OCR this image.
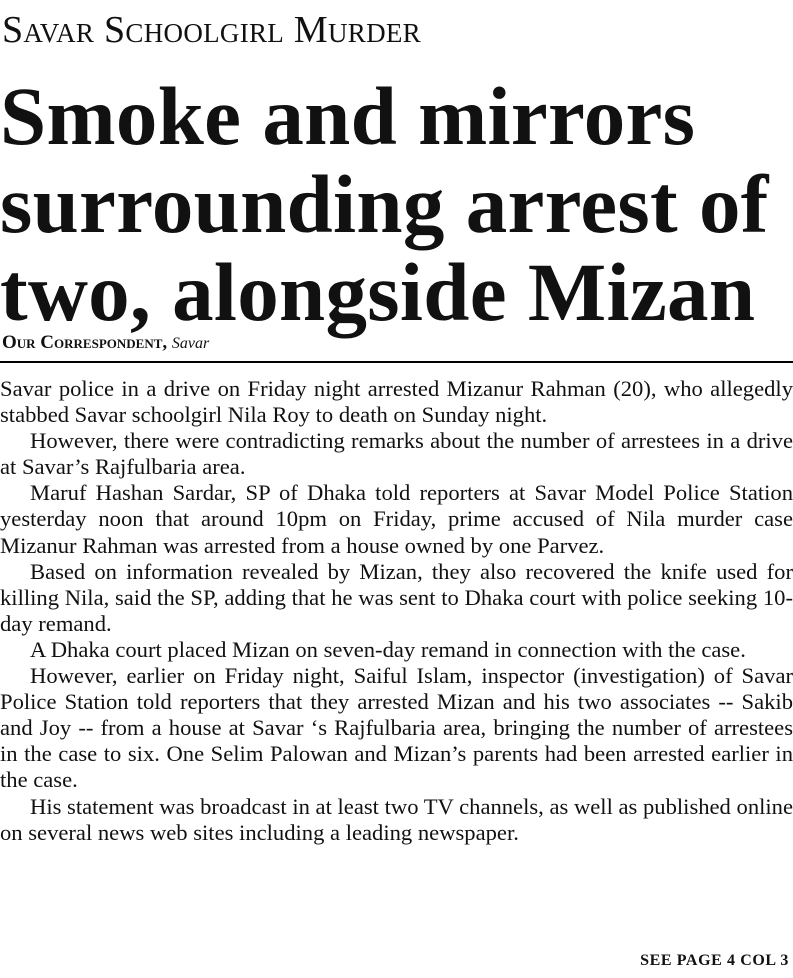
Savar Schoolgirl Murder
Smoke and mirrors
surrounding arrest of
two, alongside Mizan
Our Correspondent, Savar

Savar police in a drive on Friday night arrested Mizanur Rahman (20), who allegedly stabbed Savar schoolgirl Nila Roy to death on Sunday night.

However, there were contradicting remarks about the number of arrestees in a drive at Savar’s Rajfulbaria area.

Maruf Hashan Sardar, SP of Dhaka told reporters at Savar Model Police Station yesterday noon that around 10pm on Friday, prime accused of Nila murder case Mizanur Rahman was arrested from a house owned by one Parvez.

Based on information revealed by Mizan, they also recovered the knife used for killing Nila, said the SP, adding that he was sent to Dhaka court with police seeking 10-day remand.

A Dhaka court placed Mizan on seven-day remand in connection with the case.

However, earlier on Friday night, Saiful Islam, inspector (investigation) of Savar Police Station told reporters that they arrested Mizan and his two associates -- Sakib and Joy -- from a house at Savar ‘s Rajfulbaria area, bringing the number of arrestees in the case to six. One Selim Palowan and Mizan’s parents had been arrested earlier in the case.

His statement was broadcast in at least two TV channels, as well as published online on several news web sites including a leading newspaper.

SEE PAGE 4 COL 3
